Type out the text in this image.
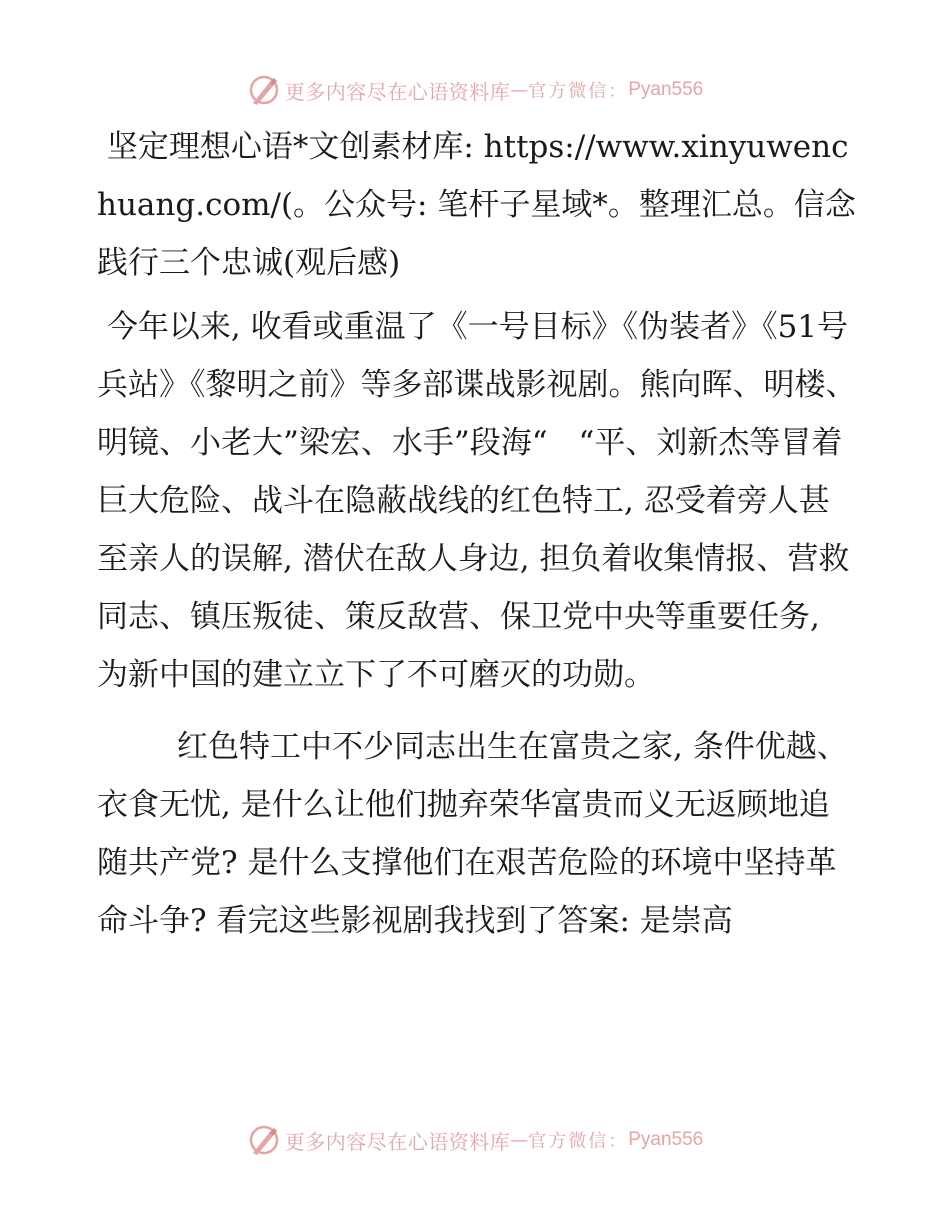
更多内容尽在心语资料库 — 官方微信： Pyan556

坚定理想心语*文创素材库: https://www.xinyuwenchuang.com/(。公众号: 笔杆子星域*。整理汇总。信念 践行三个忠诚(观后感)

今年以来, 收看或重温了《一号目标》《伪装者》《51号兵站》《黎明之前》等多部谍战影视剧。熊向晖、明楼、明镜、小老大”梁宏、水手”段海“　“平、刘新杰等冒着巨大危险、战斗在隐蔽战线的红色特工, 忍受着旁人甚至亲人的误解, 潜伏在敌人身边, 担负着收集情报、营救同志、镇压叛徒、策反敌营、保卫党中央等重要任务, 为新中国的建立立下了不可磨灭的功勋。

红色特工中不少同志出生在富贵之家, 条件优越、衣食无忧, 是什么让他们抛弃荣华富贵而义无返顾地追随共产党? 是什么支撑他们在艰苦危险的环境中坚持革命斗争? 看完这些影视剧我找到了答案: 是崇高

更多内容尽在心语资料库 — 官方微信： Pyan556
